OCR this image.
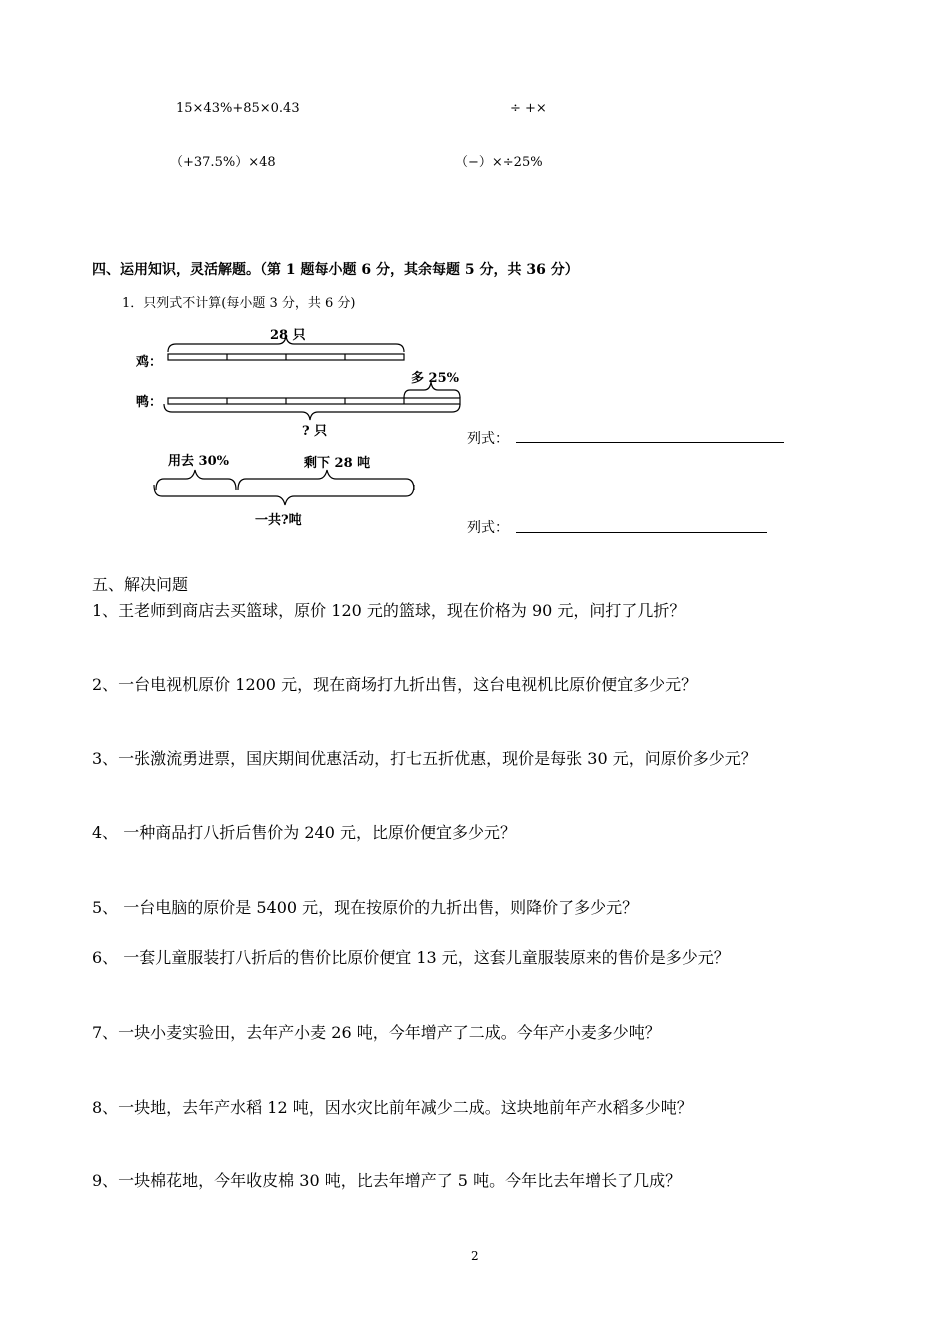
15×43%+85×0.43	÷ +×
（+37.5%）×48	（−）×÷25%
四、运用知识，灵活解题。（第 1 题每小题 6 分，其余每题 5 分，共 36 分）
1．只列式不计算(每小题 3 分，共 6 分)
28 只
鸡：
多 25%
鸭：
? 只	列式：
用去 30%	剩下 28 吨
一共?吨	列式：
五、解决问题
1、王老师到商店去买篮球，原价 120 元的篮球，现在价格为 90 元，问打了几折？
2、一台电视机原价 1200 元，现在商场打九折出售，这台电视机比原价便宜多少元？
3、一张激流勇进票，国庆期间优惠活动，打七五折优惠，现价是每张 30 元，问原价多少元？
4、 一种商品打八折后售价为 240 元，比原价便宜多少元？
5、 一台电脑的原价是 5400 元，现在按原价的九折出售，则降价了多少元？
6、 一套儿童服装打八折后的售价比原价便宜 13 元，这套儿童服装原来的售价是多少元？
7、一块小麦实验田，去年产小麦 26 吨，今年增产了二成。今年产小麦多少吨？
8、一块地，去年产水稻 12 吨，因水灾比前年减少二成。这块地前年产水稻多少吨？
9、一块棉花地，今年收皮棉 30 吨，比去年增产了 5 吨。今年比去年增长了几成？
2
